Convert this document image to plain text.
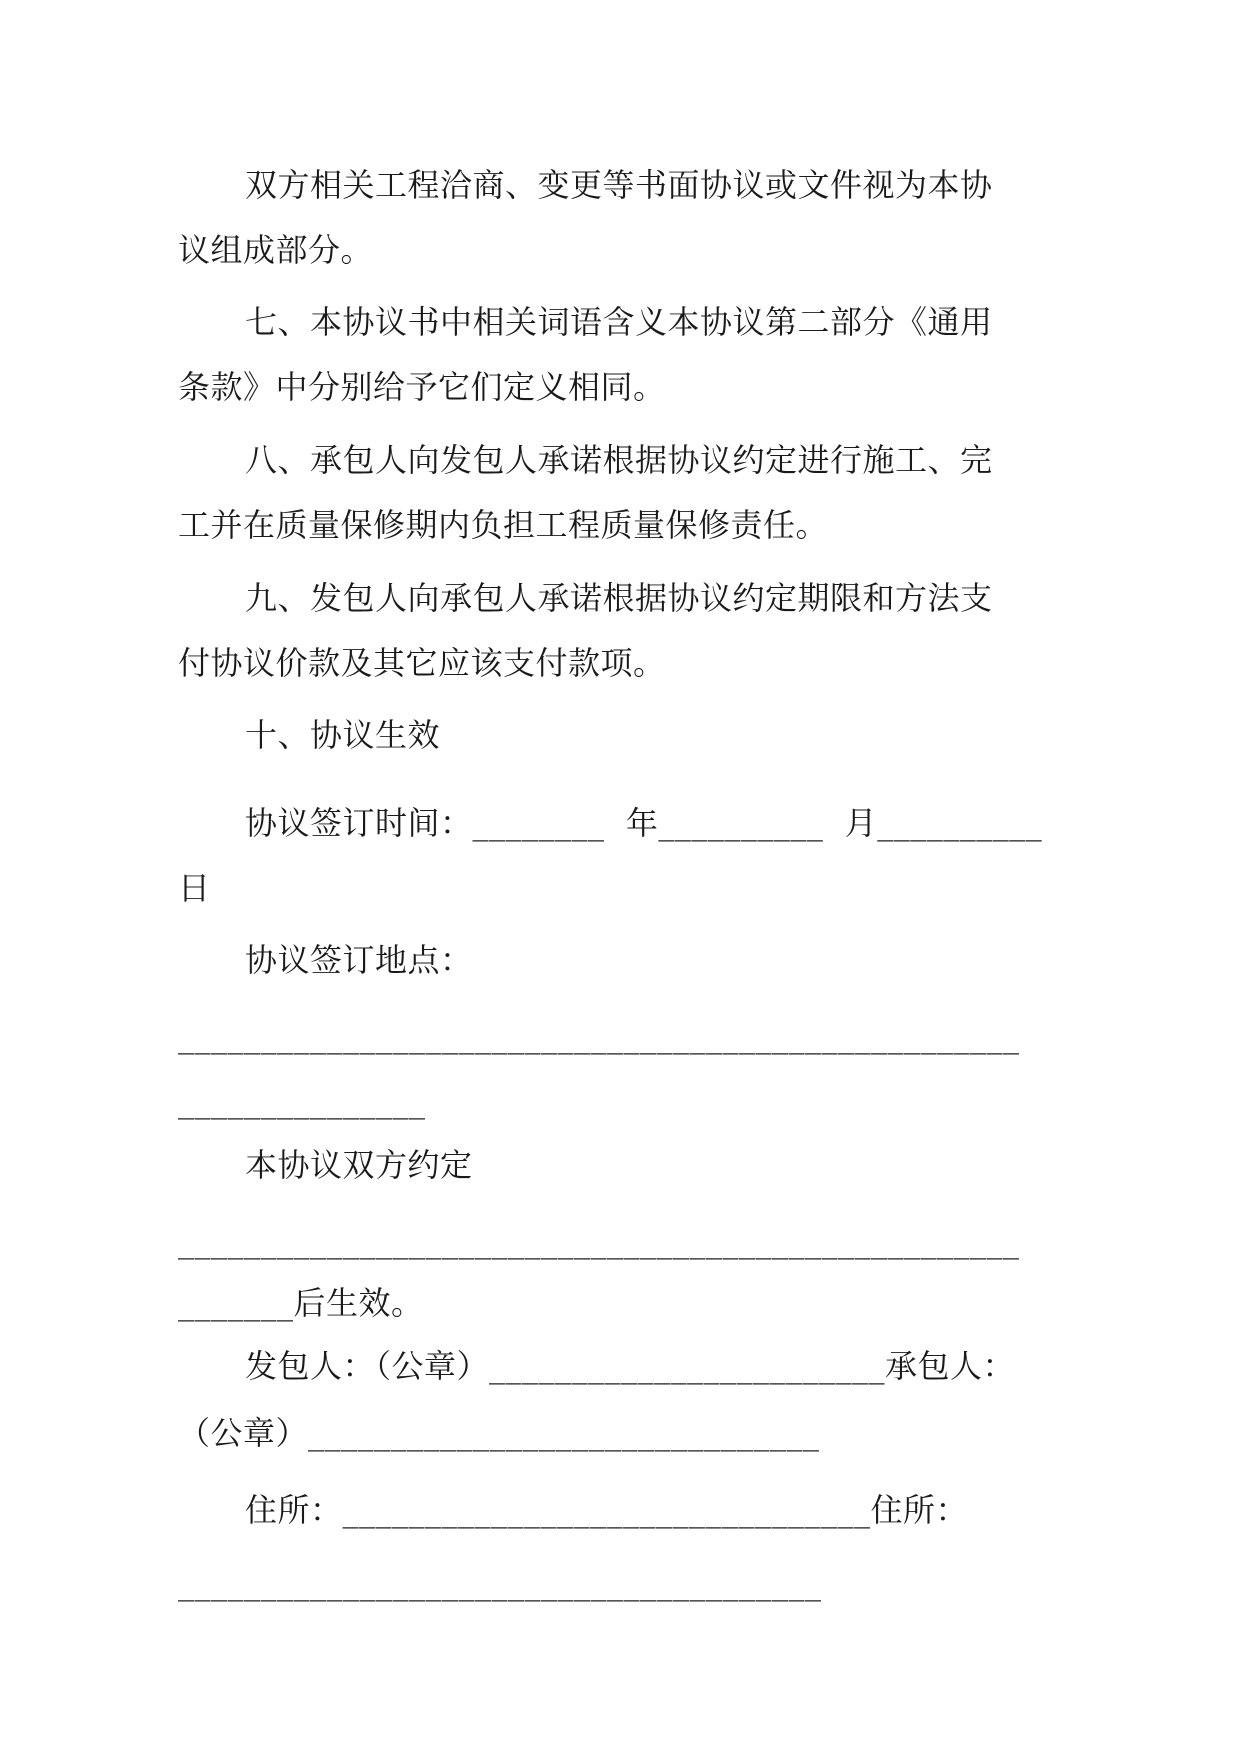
双方相关工程洽商、变更等书面协议或文件视为本协
议组成部分。
七、本协议书中相关词语含义本协议第二部分《通用
条款》中分别给予它们定义相同。
八、承包人向发包人承诺根据协议约定进行施工、完
工并在质量保修期内负担工程质量保修责任。
九、发包人向承包人承诺根据协议约定期限和方法支
付协议价款及其它应该支付款项。
十、协议生效
协议签订时间：________  年__________  月__________
日
协议签订地点：
___________________________________________________
_______________
本协议双方约定
___________________________________________________
_______后生效。
发包人：（公章）________________________承包人：
（公章）_______________________________
住所：________________________________住所：
_______________________________________
